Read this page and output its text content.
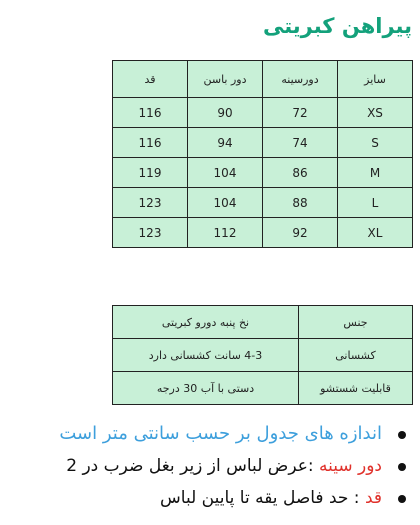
پیراهن کبریتی
سایز	دورسینه	دور باسن	قد
XS	72	90	116
S	74	94	116
M	86	104	119
L	88	104	123
XL	92	112	123
جنس	نخ پنبه دورو کبریتی
کشسانی	4-3 سانت کشسانی دارد
قابلیت شستشو	دستی با آب 30 درجه
اندازه های جدول بر حسب سانتی متر است
دور سینه :عرض لباس از زیر بغل ضرب در 2
قد : حد فاصل یقه تا پایین لباس
